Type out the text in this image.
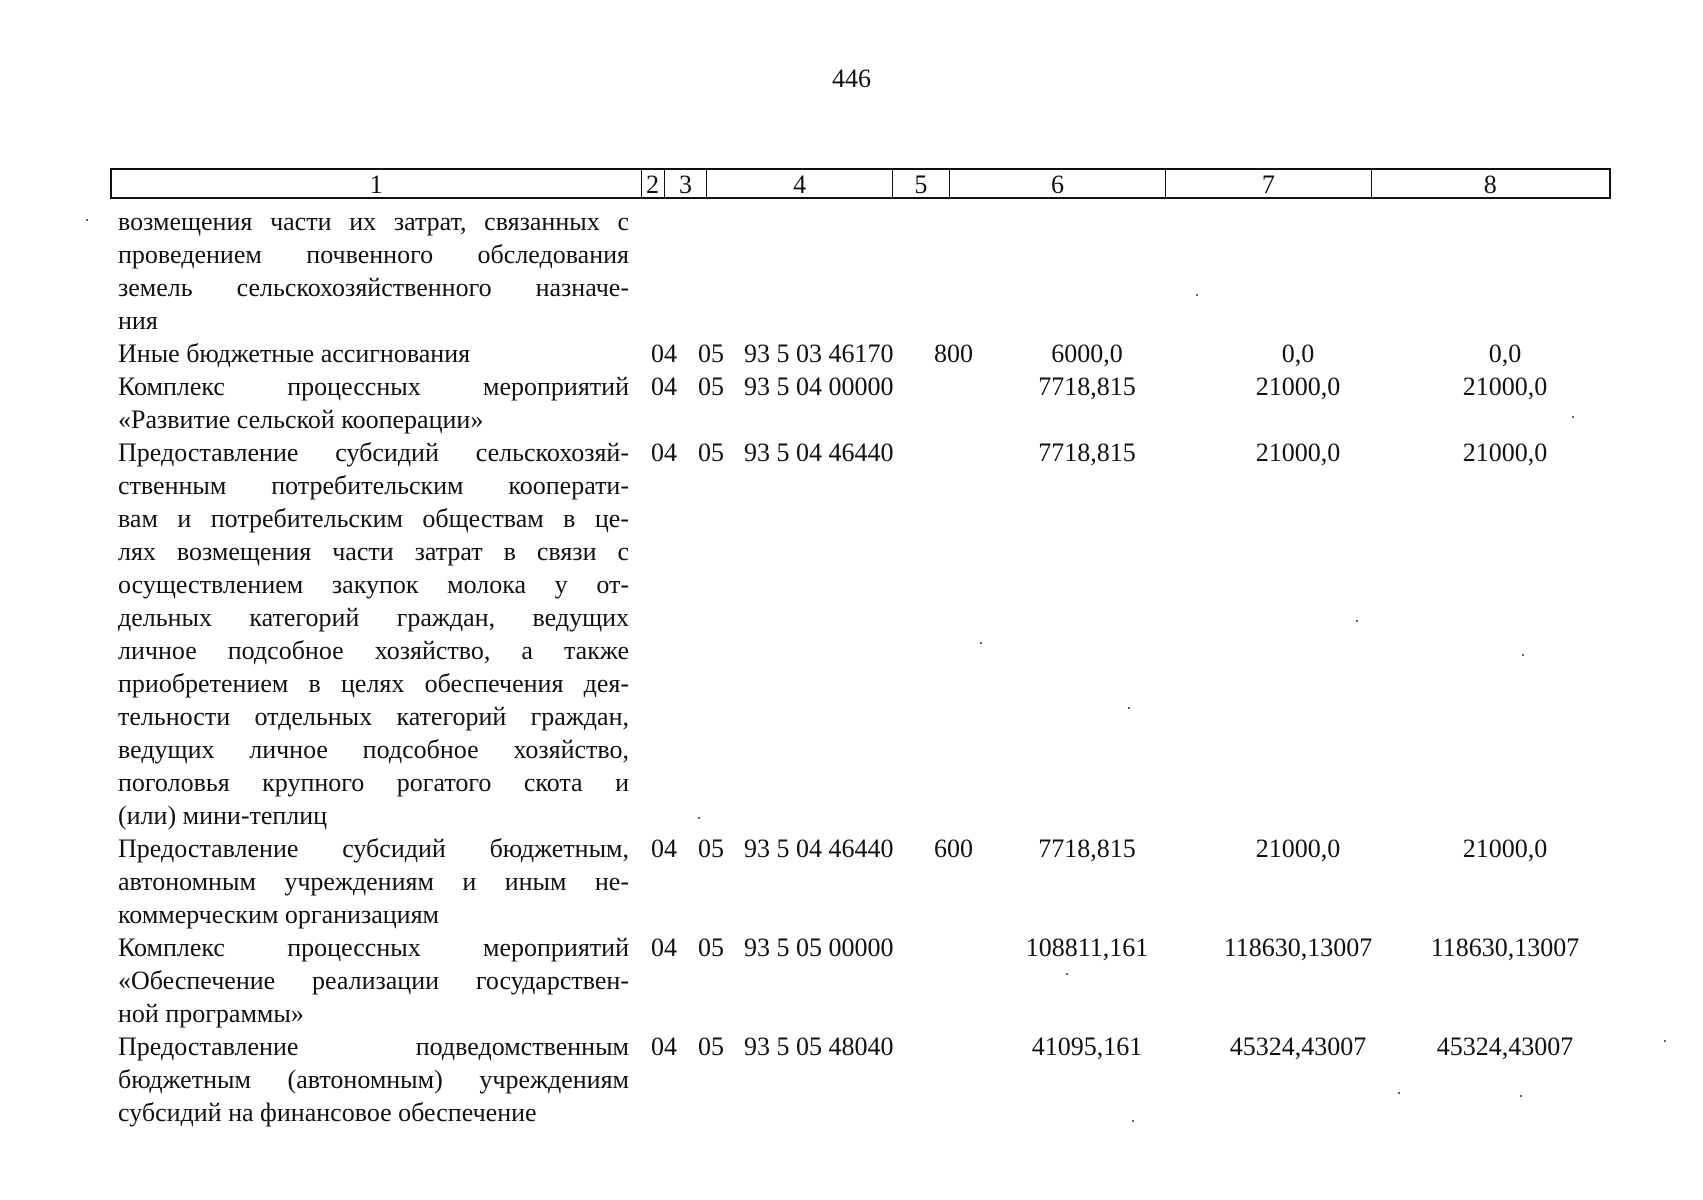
446
1	2 3	4	5	6	7	8
возмещения части их затрат, связанных с
проведением почвенного обследования
земель сельскохозяйственного назначе-
ния
Иные бюджетные ассигнования	04 05 93 5 03 46170 800	6000,0	0,0	0,0
Комплекс процессных мероприятий
«Развитие сельской кооперации»
04 05 93 5 04 00000	7718,815	21000,0	21000,0
Предоставление субсидий сельскохозяй-
ственным потребительским кооперати-
вам и потребительским обществам в це-
лях возмещения части затрат в связи с
осуществлением закупок молока у от-
дельных категорий граждан, ведущих
личное подсобное хозяйство, а также
приобретением в целях обеспечения дея-
тельности отдельных категорий граждан,
ведущих личное подсобное хозяйство,
поголовья крупного рогатого скота и
(или) мини-теплиц
04 05 93 5 04 46440	7718,815	21000,0	21000,0
Предоставление субсидий бюджетным,
автономным учреждениям и иным не-
коммерческим организациям
04 05 93 5 04 46440 600	7718,815	21000,0	21000,0
Комплекс процессных мероприятий
«Обеспечение реализации государствен-
ной программы»
04 05 93 5 05 00000	108811,161	118630,13007	118630,13007
Предоставление подведомственным
бюджетным (автономным) учреждениям
субсидий на финансовое обеспечение
04 05 93 5 05 48040	41095,161	45324,43007	45324,43007
